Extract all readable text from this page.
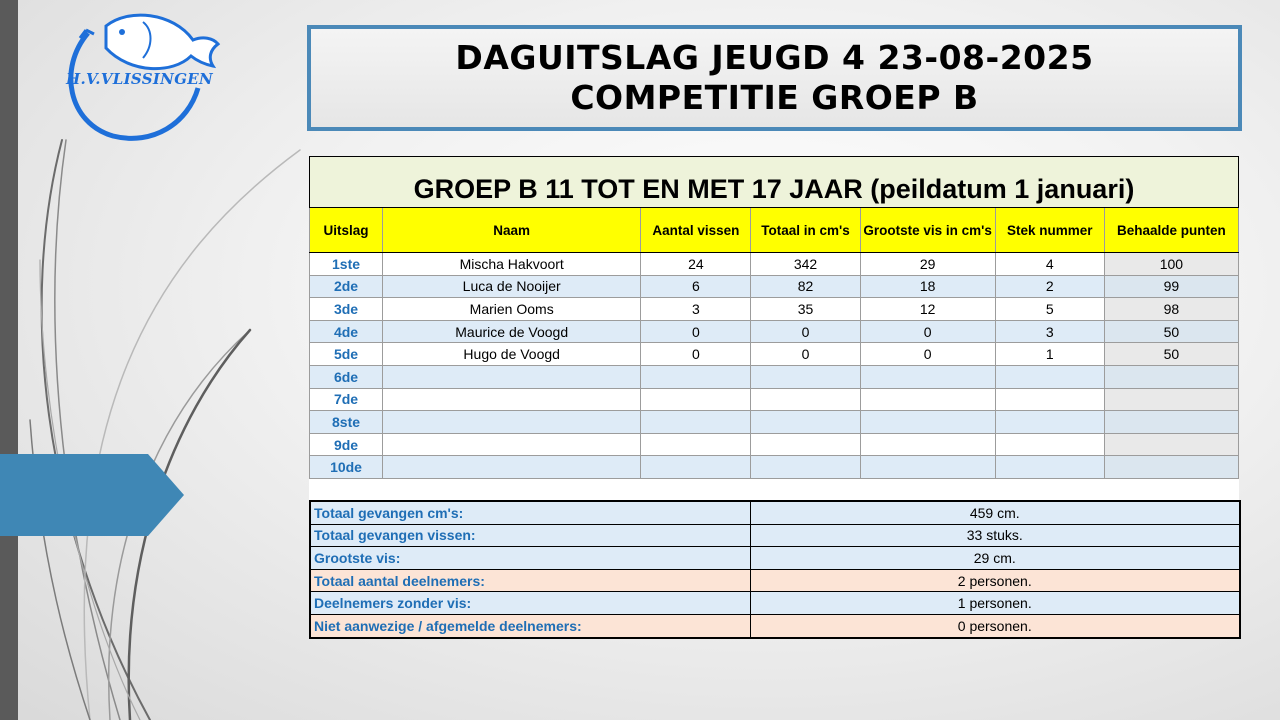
H.V.VLISSINGEN
DAGUITSLAG JEUGD 4 23-08-2025
COMPETITIE GROEP B
GROEP B 11 TOT EN MET 17 JAAR (peildatum 1 januari)						
Uitslag	Naam	Aantal vissen	Totaal in cm's	Grootste vis in cm's	Stek nummer	Behaalde punten
1ste	Mischa Hakvoort	24	342	29	4	100
2de	Luca de Nooijer	6	82	18	2	99
3de	Marien Ooms	3	35	12	5	98
4de	Maurice de Voogd	0	0	0	3	50
5de	Hugo de Voogd	0	0	0	1	50
6de						
7de						
8ste						
9de						
10de						

Totaal gevangen cm's:	459 cm.
Totaal gevangen vissen:	33 stuks.
Grootste vis:	29 cm.
Totaal aantal deelnemers:	2 personen.
Deelnemers zonder vis:	1 personen.
Niet aanwezige / afgemelde deelnemers:	0 personen.
